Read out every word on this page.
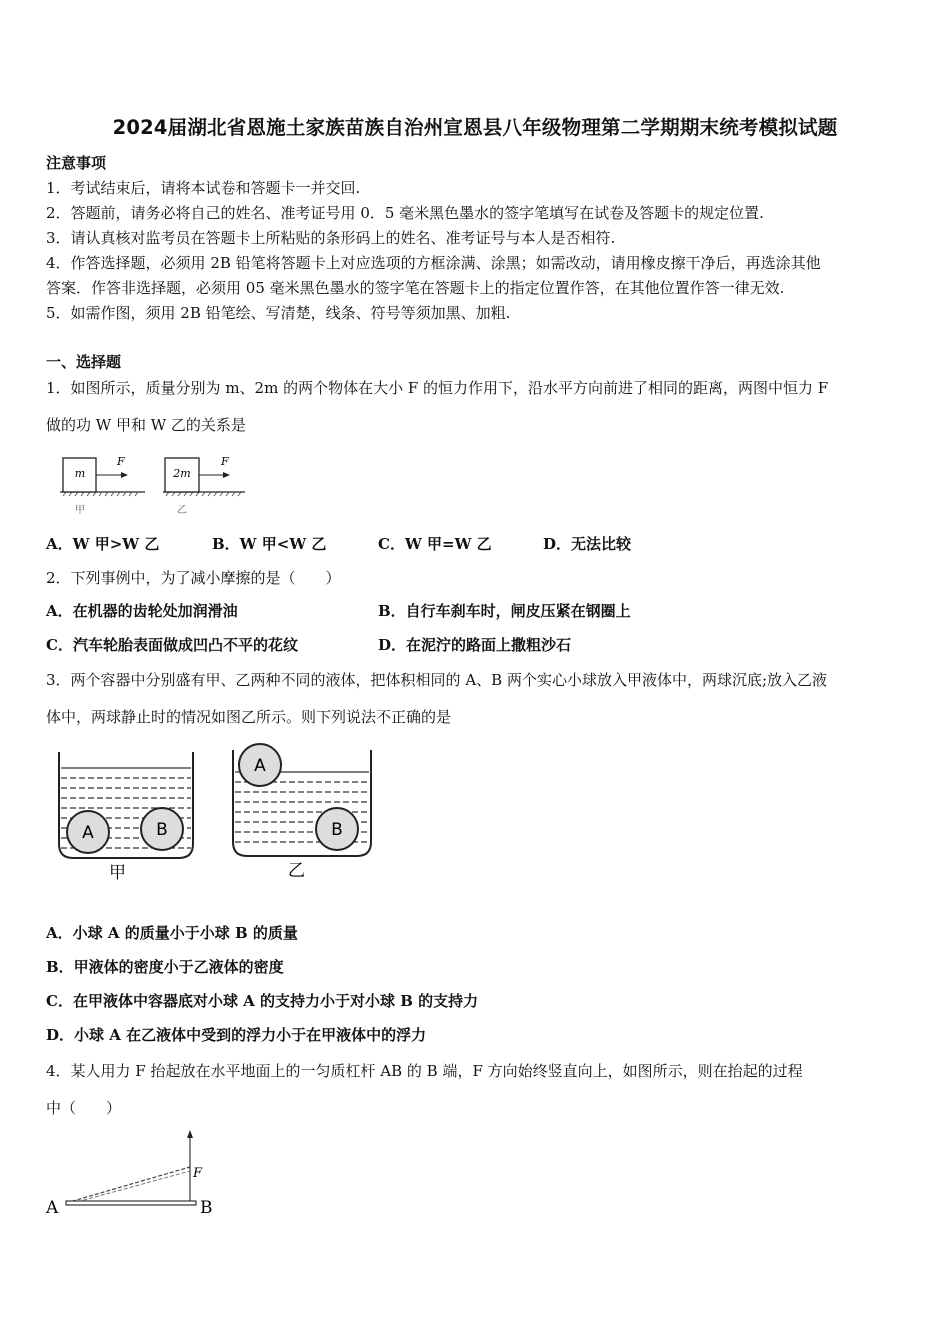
2024届湖北省恩施土家族苗族自治州宣恩县八年级物理第二学期期末统考模拟试题
注意事项
1．考试结束后，请将本试卷和答题卡一并交回.
2．答题前，请务必将自己的姓名、准考证号用 0．5 毫米黑色墨水的签字笔填写在试卷及答题卡的规定位置.
3．请认真核对监考员在答题卡上所粘贴的条形码上的姓名、准考证号与本人是否相符.
4．作答选择题，必须用 2B 铅笔将答题卡上对应选项的方框涂满、涂黑；如需改动，请用橡皮擦干净后，再选涂其他
答案．作答非选择题，必须用 05 毫米黑色墨水的签字笔在答题卡上的指定位置作答，在其他位置作答一律无效.
5．如需作图，须用 2B 铅笔绘、写清楚，线条、符号等须加黑、加粗.
一、选择题
1．如图所示，质量分别为 m、2m 的两个物体在大小 F 的恒力作用下，沿水平方向前进了相同的距离，两图中恒力 F
做的功 W 甲和 W 乙的关系是
m
F
甲
2m
F
乙
A．W 甲>W 乙	B．W 甲<W 乙	C．W 甲=W 乙	D．无法比较
2．下列事例中，为了减小摩擦的是（　　）
A．在机器的齿轮处加润滑油	B．自行车刹车时，闸皮压紧在钢圈上
C．汽车轮胎表面做成凹凸不平的花纹	D．在泥泞的路面上撒粗沙石
3．两个容器中分别盛有甲、乙两种不同的液体，把体积相同的 A、B 两个实心小球放入甲液体中，两球沉底;放入乙液
体中，两球静止时的情况如图乙所示。则下列说法不正确的是
A	B
甲
A
B
乙
A．小球 A 的质量小于小球 B 的质量
B．甲液体的密度小于乙液体的密度
C．在甲液体中容器底对小球 A 的支持力小于对小球 B 的支持力
D．小球 A 在乙液体中受到的浮力小于在甲液体中的浮力
4．某人用力 F 抬起放在水平地面上的一匀质杠杆 AB 的 B 端，F 方向始终竖直向上，如图所示，则在抬起的过程
中（　　）
F
A	B
